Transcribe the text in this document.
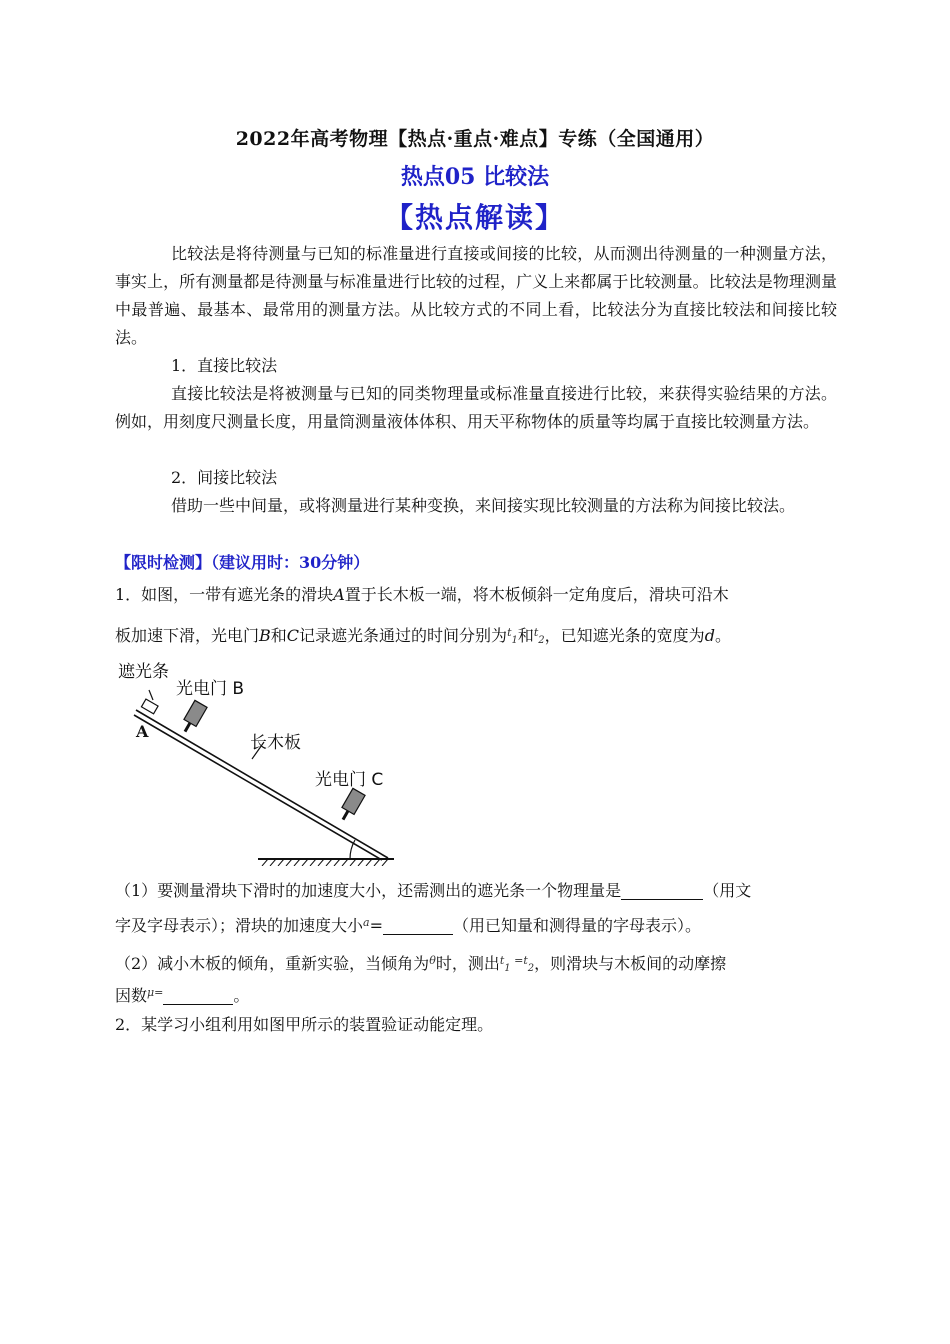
2022年高考物理【热点·重点·难点】专练（全国通用）
热点05 比较法
【热点解读】
比较法是将待测量与已知的标准量进行直接或间接的比较，从而测出待测量的一种测量方法，事实上，所有测量都是待测量与标准量进行比较的过程，广义上来都属于比较测量。比较法是物理测量中最普遍、最基本、最常用的测量方法。从比较方式的不同上看，比较法分为直接比较法和间接比较法。
1．直接比较法
直接比较法是将被测量与已知的同类物理量或标准量直接进行比较，来获得实验结果的方法。例如，用刻度尺测量长度，用量筒测量液体体积、用天平称物体的质量等均属于直接比较测量方法。
2．间接比较法
借助一些中间量，或将测量进行某种变换，来间接实现比较测量的方法称为间接比较法。
【限时检测】（建议用时：30分钟）
1．如图，一带有遮光条的滑块A置于长木板一端，将木板倾斜一定角度后，滑块可沿木
板加速下滑，光电门B和C记录遮光条通过的时间分别为$^t$1和$^t$2，已知遮光条的宽度为d。
遮光条
光电门 B
A
长木板
光电门 C
（1）要测量滑块下滑时的加速度大小，还需测出的遮光条一个物理量是	（用文
字及字母表示）；滑块的加速度大小$^a$=	（用已知量和测得量的字母表示）。
（2）减小木板的倾角，重新实验，当倾角为$^\theta$时，测出$^t$1 $^{=t}$2，则滑块与木板间的动摩擦
因数$^{\mu=}$	。
2．某学习小组利用如图甲所示的装置验证动能定理。
